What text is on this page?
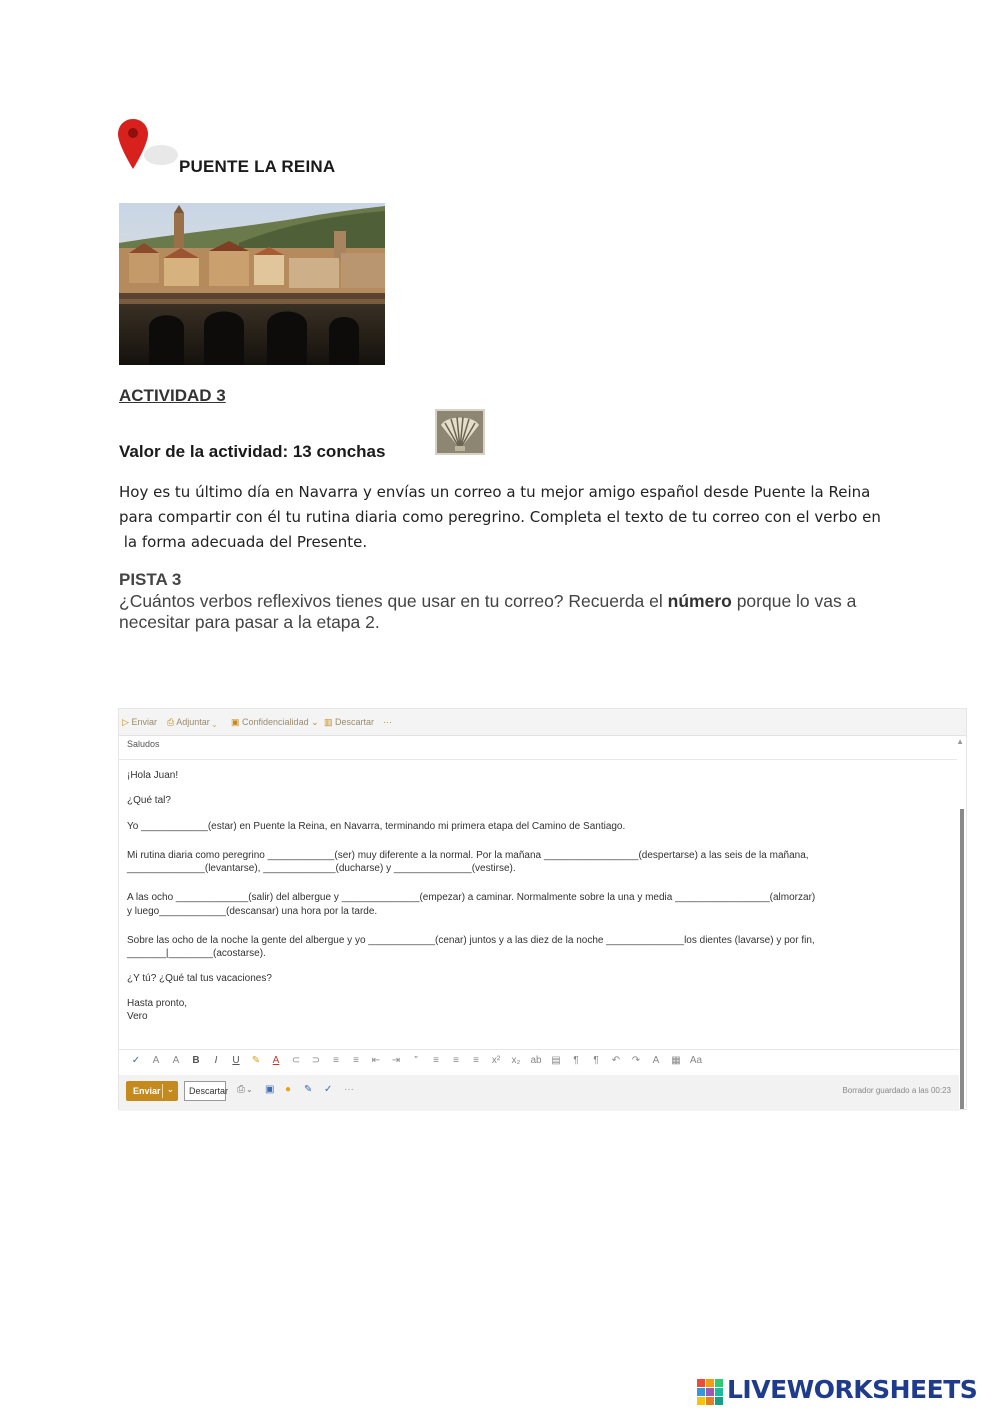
PUENTE LA REINA
ACTIVIDAD 3
Valor de la actividad: 13 conchas

Hoy es tu último día en Navarra y envías un correo a tu mejor amigo español desde Puente la Reina

para compartir con él tu rutina diaria como peregrino. Completa el texto de tu correo con el verbo en

la forma adecuada del Presente.

PISTA 3
¿Cuántos verbos reflexivos tienes que usar en tu correo? Recuerda el número porque lo vas a necesitar para pasar a la etapa 2.
▷ Enviar ⎙ Adjuntar ⌄ ▣ Confidencialidad ⌄ ▥ Descartar ···
Saludos	▲
¡Hola Juan!
¿Qué tal?
Yo ____________(estar) en Puente la Reina, en Navarra, terminando mi primera etapa del Camino de Santiago.
Mi rutina diaria como peregrino ____________(ser) muy diferente a la normal. Por la mañana _________________(despertarse) a las seis de la mañana,
______________(levantarse), _____________(ducharse) y ______________(vestirse).
A las ocho _____________(salir) del albergue y ______________(empezar) a caminar. Normalmente sobre la una y media _________________(almorzar)
y luego____________(descansar) una hora por la tarde.
Sobre las ocho de la noche la gente del albergue y yo ____________(cenar) juntos y a las diez de la noche ______________los dientes (lavarse) y por fin,
_______|________(acostarse).
¿Y tú? ¿Qué tal tus vacaciones?
Hasta pronto,
Vero
✓	A	A	B	I	U	✎	A	⊂ ⊃	≡	≡	⇤ ⇥	”	≡	≡	≡	x² x₂ ab ▤	¶	¶	↶ ↷	A	▦ Aa
Enviar ⌄ Descartar ⎙ ⌄ ▣ ● ✎ ✓ ···	Borrador guardado a las 00:23
LIVEWORKSHEETS
